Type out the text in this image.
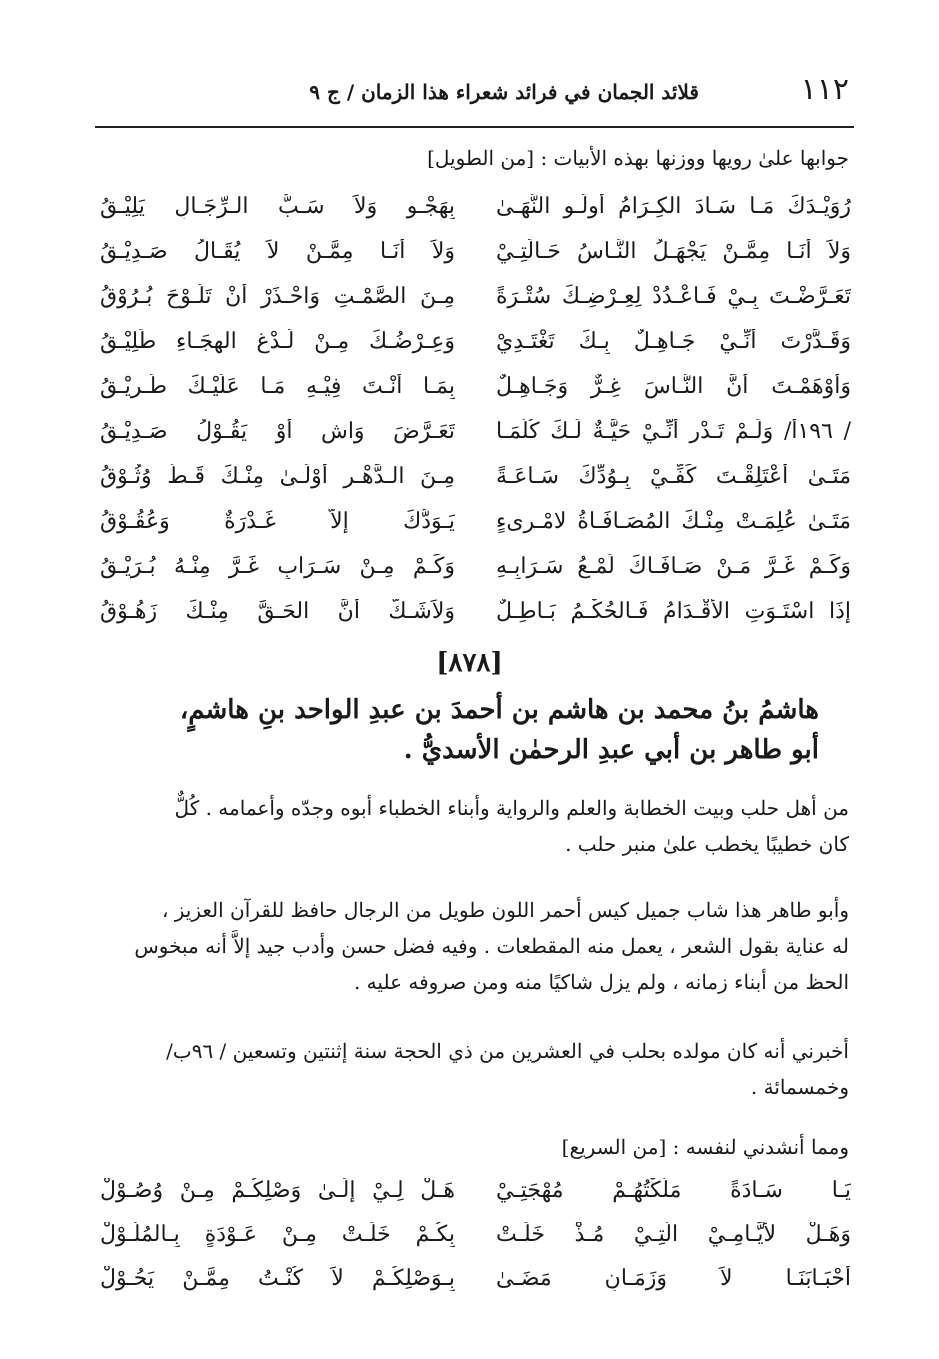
١١٢
قلائد الجمان في فرائد شعراء هذا الزمان / ج ٩
جوابها علىٰ رويها ووزنها بهذه الأبيات : [من الطويل]
رُوَيْـدَكَ مَـا سَـادَ الكِـرَامُ أُولُـو النُّهَـىٰ
بِهَجْـوٍ وَلاَ سَـبُّ الـرِّجَـالِ يَلِيْـقُ
وَلاَ أَنَـا مِمَّـنْ يَجْهَـلُ النَّـاسُ حَـالَتِـيْ
وَلاَ أَنَـا مِمَّـنْ لاَ يُقَـالُ صَـدِيْـقُ
تَعَـرَّضْـتَ بِـيْ فَـاعْـدُدْ لِعِـرْضِـكَ سُتْـرَةً
مِـنَ الصَّمْـتِ وَاحْـذَرْ أَنْ تَلُـوْحَ بُـرُوْقُ
وَقَـدَّرْتَ أَنِّـيْ جَـاهِـلٌ بِـكَ تَغْتَـدِيْ
وَعِـرْضُـكَ مِـنْ لَـدْغِ الهِجَـاءِ طَلِيْـقُ
وَأَوْهَمْـتَ أَنَّ النَّـاسَ غِـرٌّ وَجَـاهِـلٌ
بِمَـا أَنْـتَ فِيْـهِ مَـا عَلَيْـكَ طَـرِيْـقُ
/ ١٩٦أ/ وَلَـمْ تَـدْرِ أَنِّـيْ حَيَّـةٌ لَـكَ كُلَّمَـا
تَعَـرَّضَ وَاشٍ أَوْ يَقُـوْلُ صَـدِيْـقُ
مَتَـىٰ أَعْتَلِقْـتَ كَفِّـيْ بِـوُدِّكَ سَـاعَـةً
مِـنَ الـدَّهْـرِ أَوْلَـىٰ مِنْـكَ قَـطُّ وُثُـوْقُ
مَتَـىٰ عُلِمَـتْ مِنْـكَ المُصَـافَـاةُ لامْـرِىءٍ
يَـوَدُّكَ إِلاَّ غَـدْرَةٌ وَعُقُـوْقُ
وَكَـمْ غَـرَّ مَـنْ صَـافَـاكَ لَمْـعُ سَـرَابِـهِ
وَكَـمْ مِـنْ سَـرَابٍ غَـرَّ مِنْـهُ بُـرَيْـقُ
إِذَا اسْتَـوَتِ الأَقْـدَامُ فَـالحُكْـمُ بَـاطِـلٌ
وَلاَشَـكَّ أَنَّ الحَـقَّ مِنْـكَ زَهُـوْقُ
[٨٧٨]
هاشمُ بنُ محمد بن هاشم بن أحمدَ بن عبدِ الواحد بنِ هاشمٍ،
أبو طاهر بن أبي عبدِ الرحمٰن الأسديُّ .
من أهل حلب وبيت الخطابة والعلم والرواية وأبناء الخطباء أبوه وجدّه وأعمامه . كُلٌّ
كان خطيبًا يخطب علىٰ منبر حلب .
وأبو طاهر هذا شاب جميل كيس أحمر اللون طويل من الرجال حافظ للقرآن العزيز ،
له عناية بقول الشعر ، يعمل منه المقطعات . وفيه فضل حسن وأدب جيد إلاَّ أنه مبخوس
الحظ من أبناء زمانه ، ولم يزل شاكيًا منه ومن صروفه عليه .
أخبرني أنه كان مولده بحلب في العشرين من ذي الحجة سنة إثنتين وتسعين / ٩٦ب/
وخمسمائة .
ومما أنشدني لنفسه : [من السريع]
يَـا سَـادَةً مَلَّكْتُهُـمْ مُهْجَتِـيْ
هَـلْ لِـيْ إِلَـىٰ وَصْلِكُـمْ مِـنْ وُصُـوْلْ
وَهَـلْ لأَيَّـامِـيْ الَّتِـيْ مُـذْ خَلَـتْ
بِكُـمْ خَلَـتْ مِـنْ عَـوْدَةٍ بِـالمُلُـوْلْ
أَحْبَـابَنَـا لاَ وَزَمَـانٍ مَضَـىٰ
بِـوَصْلِكُـمْ لاَ كُنْـتُ مِمَّـنْ يَحُـوْلْ
